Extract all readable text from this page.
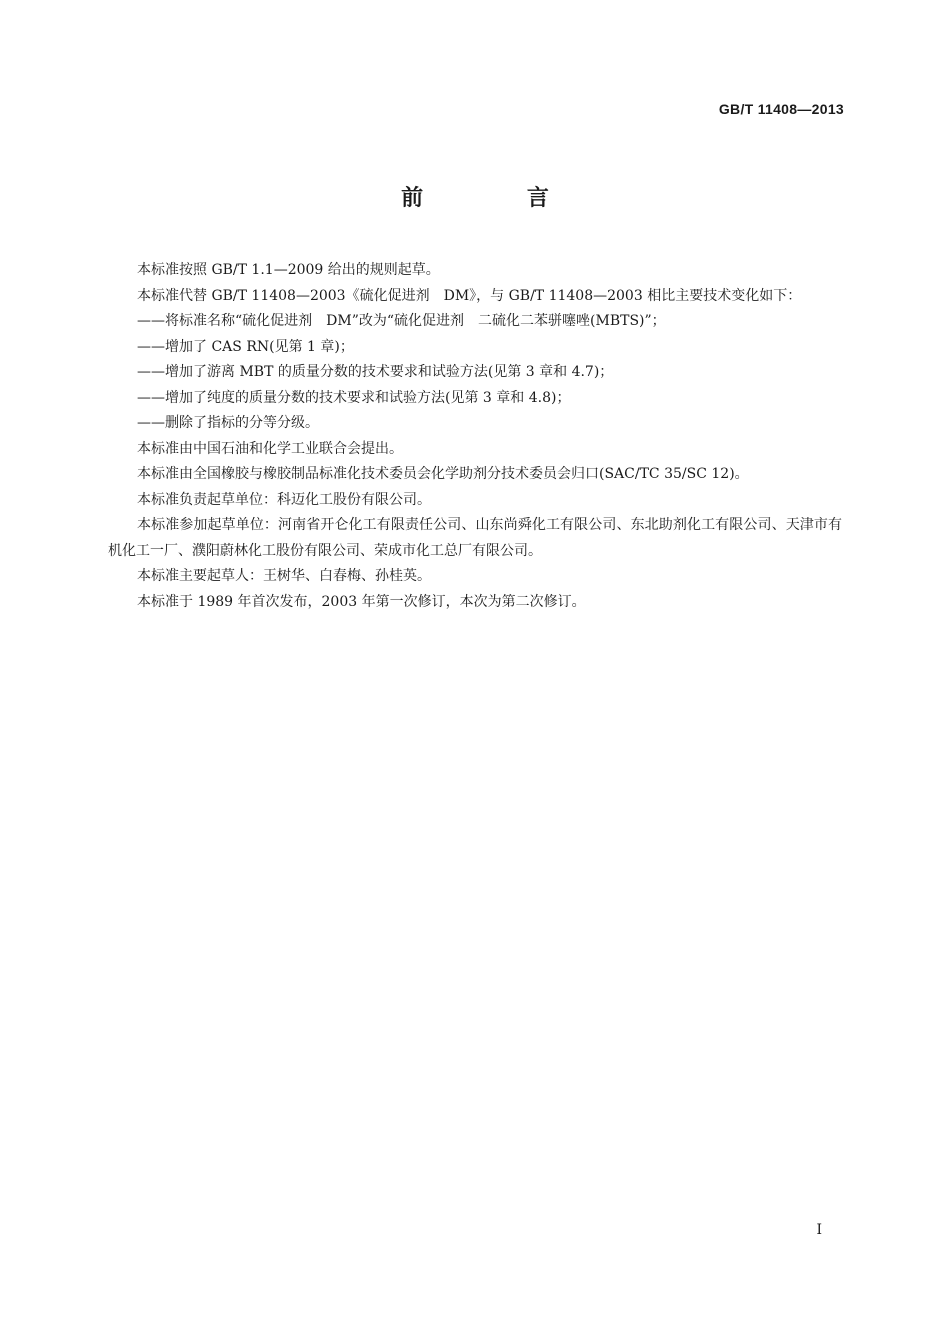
GB/T 11408—2013
前 言

本标准按照 GB/T 1.1—2009 给出的规则起草。

本标准代替 GB/T 11408—2003《硫化促进剂　DM》，与 GB/T 11408—2003 相比主要技术变化如下：

——将标准名称“硫化促进剂　DM”改为“硫化促进剂　二硫化二苯骈噻唑(MBTS)”；

——增加了 CAS RN(见第 1 章)；

——增加了游离 MBT 的质量分数的技术要求和试验方法(见第 3 章和 4.7)；

——增加了纯度的质量分数的技术要求和试验方法(见第 3 章和 4.8)；

——删除了指标的分等分级。

本标准由中国石油和化学工业联合会提出。

本标准由全国橡胶与橡胶制品标准化技术委员会化学助剂分技术委员会归口(SAC/TC 35/SC 12)。

本标准负责起草单位：科迈化工股份有限公司。

本标准参加起草单位：河南省开仑化工有限责任公司、山东尚舜化工有限公司、东北助剂化工有限公司、天津市有机化工一厂、濮阳蔚林化工股份有限公司、荣成市化工总厂有限公司。

本标准主要起草人：王树华、白春梅、孙桂英。

本标准于 1989 年首次发布，2003 年第一次修订，本次为第二次修订。

I
